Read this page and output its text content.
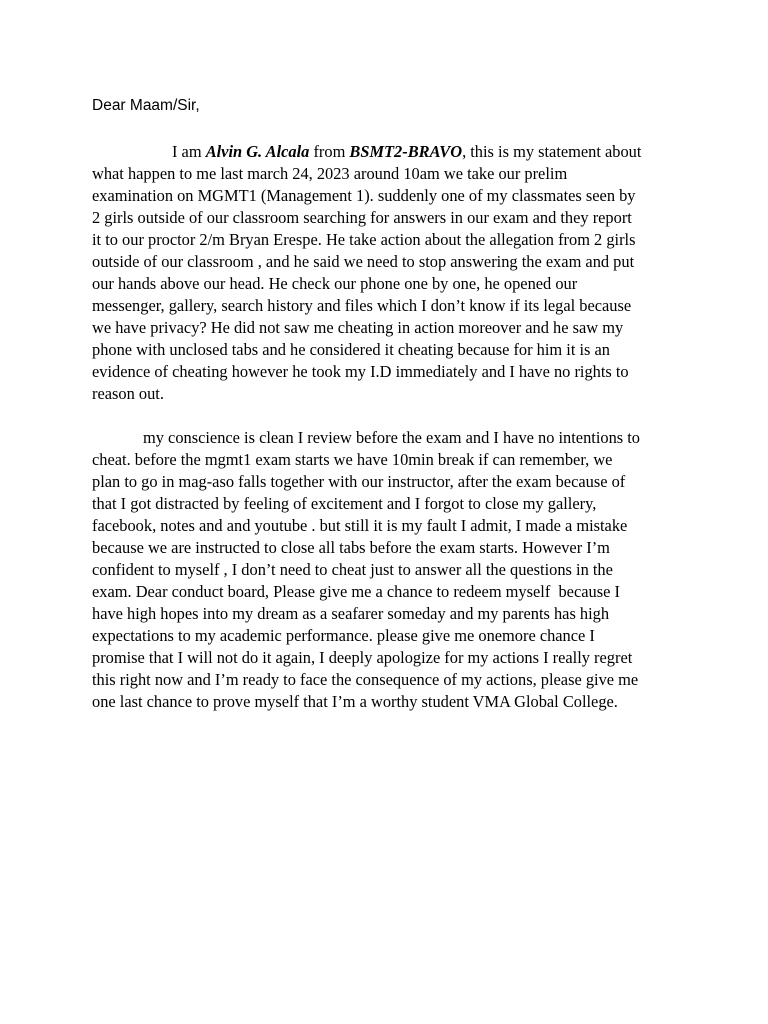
Dear Maam/Sir,
I am Alvin G. Alcala from BSMT2-BRAVO, this is my statement about
what happen to me last march 24, 2023 around 10am we take our prelim
examination on MGMT1 (Management 1). suddenly one of my classmates seen by
2 girls outside of our classroom searching for answers in our exam and they report
it to our proctor 2/m Bryan Erespe. He take action about the allegation from 2 girls
outside of our classroom , and he said we need to stop answering the exam and put
our hands above our head. He check our phone one by one, he opened our
messenger, gallery, search history and files which I don’t know if its legal because
we have privacy? He did not saw me cheating in action moreover and he saw my
phone with unclosed tabs and he considered it cheating because for him it is an
evidence of cheating however he took my I.D immediately and I have no rights to
reason out.
my conscience is clean I review before the exam and I have no intentions to
cheat. before the mgmt1 exam starts we have 10min break if can remember, we
plan to go in mag-aso falls together with our instructor, after the exam because of
that I got distracted by feeling of excitement and I forgot to close my gallery,
facebook, notes and and youtube . but still it is my fault I admit, I made a mistake
because we are instructed to close all tabs before the exam starts. However I’m
confident to myself , I don’t need to cheat just to answer all the questions in the
exam. Dear conduct board, Please give me a chance to redeem myself  because I
have high hopes into my dream as a seafarer someday and my parents has high
expectations to my academic performance. please give me onemore chance I
promise that I will not do it again, I deeply apologize for my actions I really regret
this right now and I’m ready to face the consequence of my actions, please give me
one last chance to prove myself that I’m a worthy student VMA Global College.
